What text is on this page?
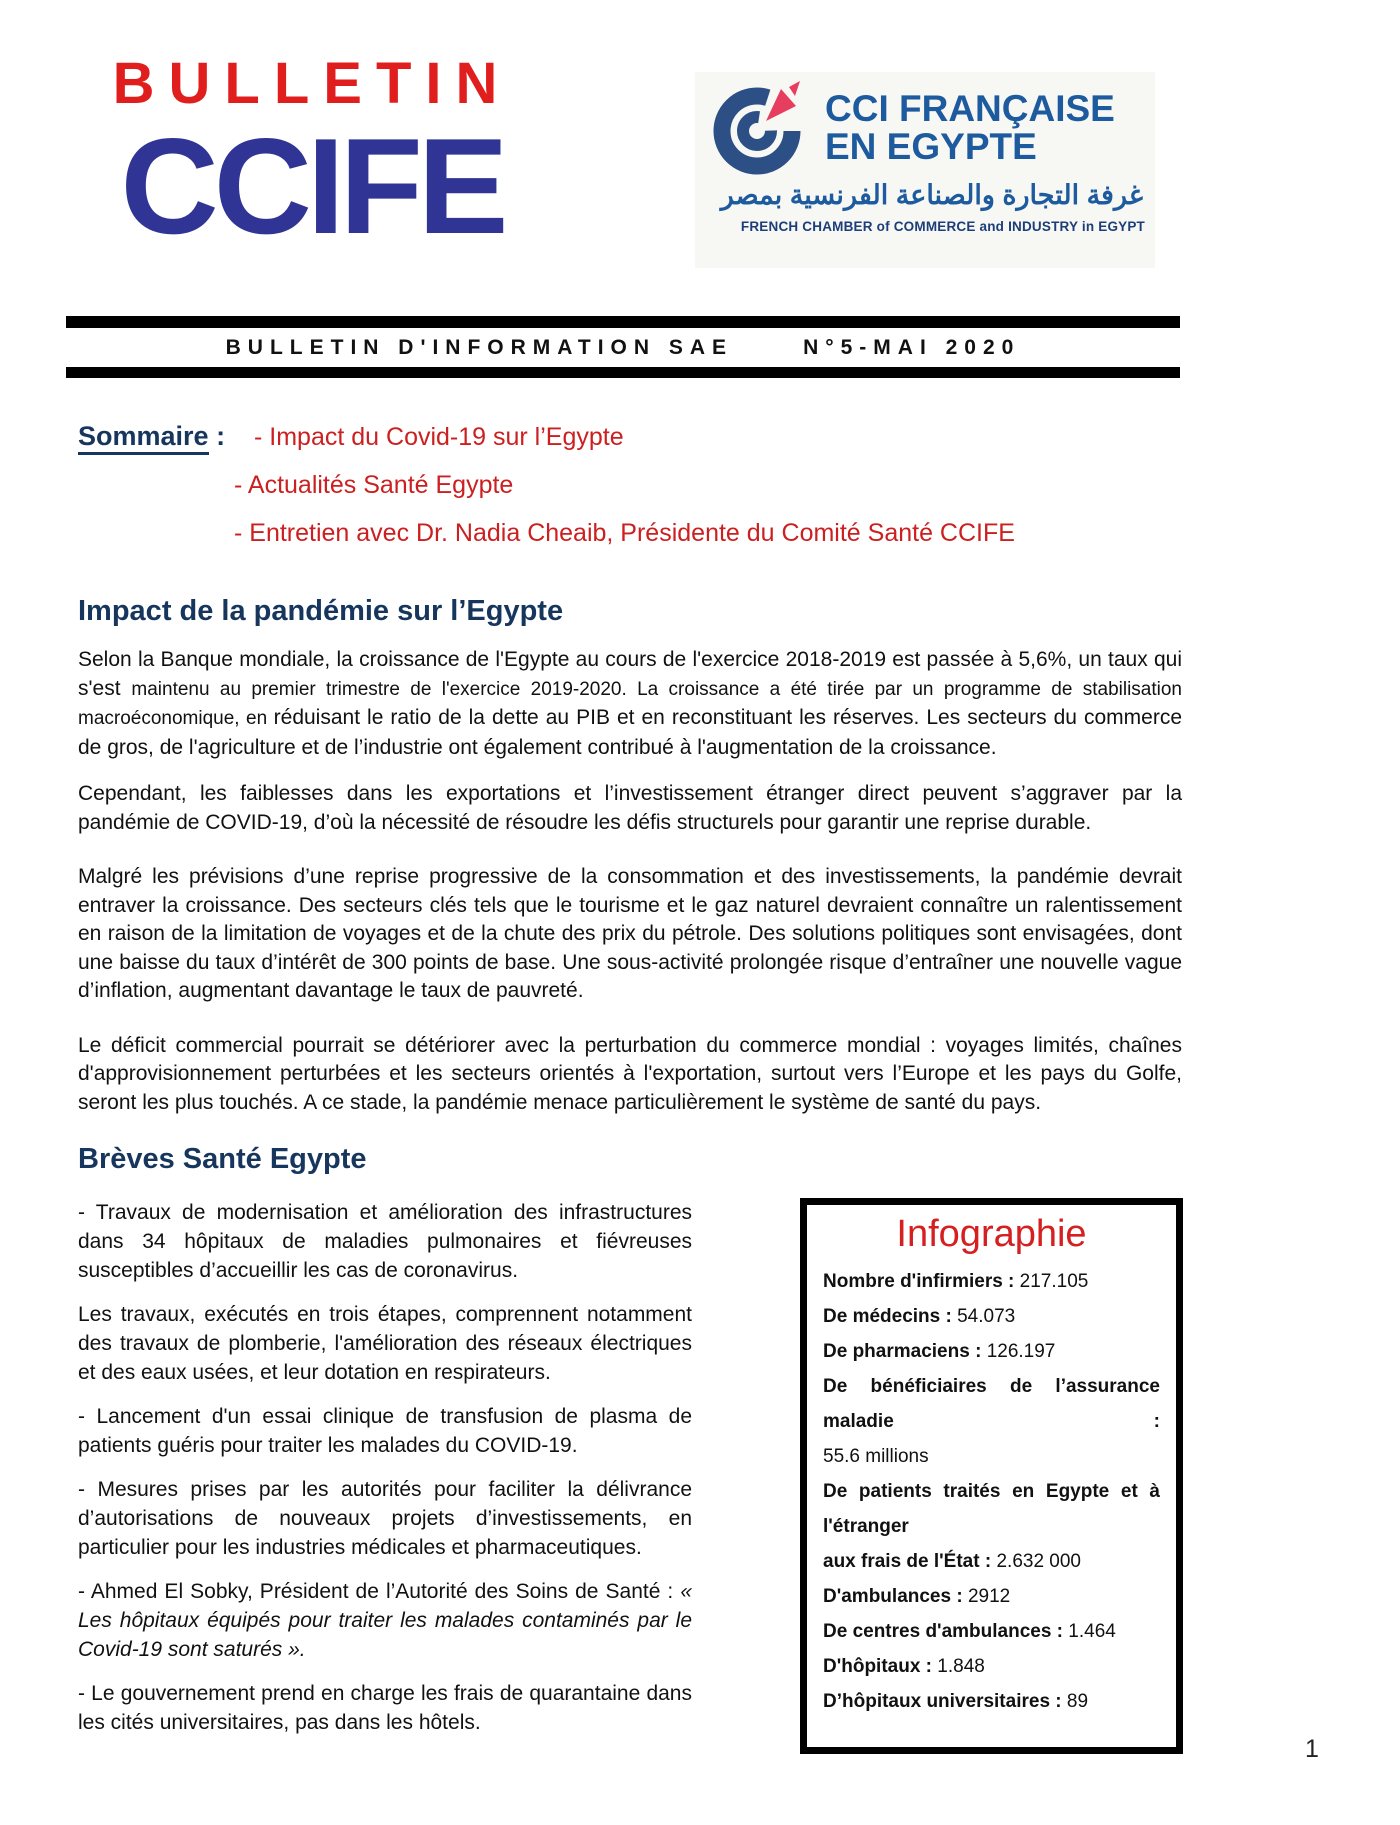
BULLETIN
CCIFE
CCI FRANÇAISE
EN EGYPTE
غرفة التجارة والصناعة الفرنسية بمصر
FRENCH CHAMBER of COMMERCE and INDUSTRY in EGYPT
BULLETIN D'INFORMATION SAE	N°5-MAI 2020
Sommaire : - Impact du Covid-19 sur l’Egypte
- Actualités Santé Egypte
- Entretien avec Dr. Nadia Cheaib, Présidente du Comité Santé CCIFE
Impact de la pandémie sur l’Egypte

Selon la Banque mondiale, la croissance de l'Egypte au cours de l'exercice 2018-2019 est passée à 5,6%, un taux qui s'est maintenu au premier trimestre de l'exercice 2019-2020. La croissance a été tirée par un programme de stabilisation macroéconomique, en réduisant le ratio de la dette au PIB et en reconstituant les réserves. Les secteurs du commerce de gros, de l'agriculture et de l’industrie ont également contribué à l'augmentation de la croissance.

Cependant, les faiblesses dans les exportations et l’investissement étranger direct peuvent s’aggraver par la pandémie de COVID-19, d’où la nécessité de résoudre les défis structurels pour garantir une reprise durable.

Malgré les prévisions d’une reprise progressive de la consommation et des investissements, la pandémie devrait entraver la croissance. Des secteurs clés tels que le tourisme et le gaz naturel devraient connaître un ralentissement en raison de la limitation de voyages et de la chute des prix du pétrole. Des solutions politiques sont envisagées, dont une baisse du taux d’intérêt de 300 points de base. Une sous-activité prolongée risque d’entraîner une nouvelle vague d’inflation, augmentant davantage le taux de pauvreté.

Le déficit commercial pourrait se détériorer avec la perturbation du commerce mondial : voyages limités, chaînes d'approvisionnement perturbées et les secteurs orientés à l'exportation, surtout vers l’Europe et les pays du Golfe, seront les plus touchés. A ce stade, la pandémie menace particulièrement le système de santé du pays.

Brèves Santé Egypte

- Travaux de modernisation et amélioration des infrastructures dans 34 hôpitaux de maladies pulmonaires et fiévreuses susceptibles d’accueillir les cas de coronavirus.

Les travaux, exécutés en trois étapes, comprennent notamment des travaux de plomberie, l'amélioration des réseaux électriques et des eaux usées, et leur dotation en respirateurs.

- Lancement d'un essai clinique de transfusion de plasma de patients guéris pour traiter les malades du COVID-19.

- Mesures prises par les autorités pour faciliter la délivrance d’autorisations de nouveaux projets d’investissements, en particulier pour les industries médicales et pharmaceutiques.

- Ahmed El Sobky, Président de l’Autorité des Soins de Santé : « Les hôpitaux équipés pour traiter les malades contaminés par le Covid-19 sont saturés ».

- Le gouvernement prend en charge les frais de quarantaine dans les cités universitaires, pas dans les hôtels.

Infographie

Nombre d'infirmiers : 217.105

De médecins : 54.073

De pharmaciens : 126.197

De bénéficiaires de l’assurance maladie :

55.6 millions

De patients traités en Egypte et à l'étranger

aux frais de l'État : 2.632 000

D'ambulances : 2912

De centres d'ambulances : 1.464

D'hôpitaux : 1.848

D’hôpitaux universitaires : 89

1
